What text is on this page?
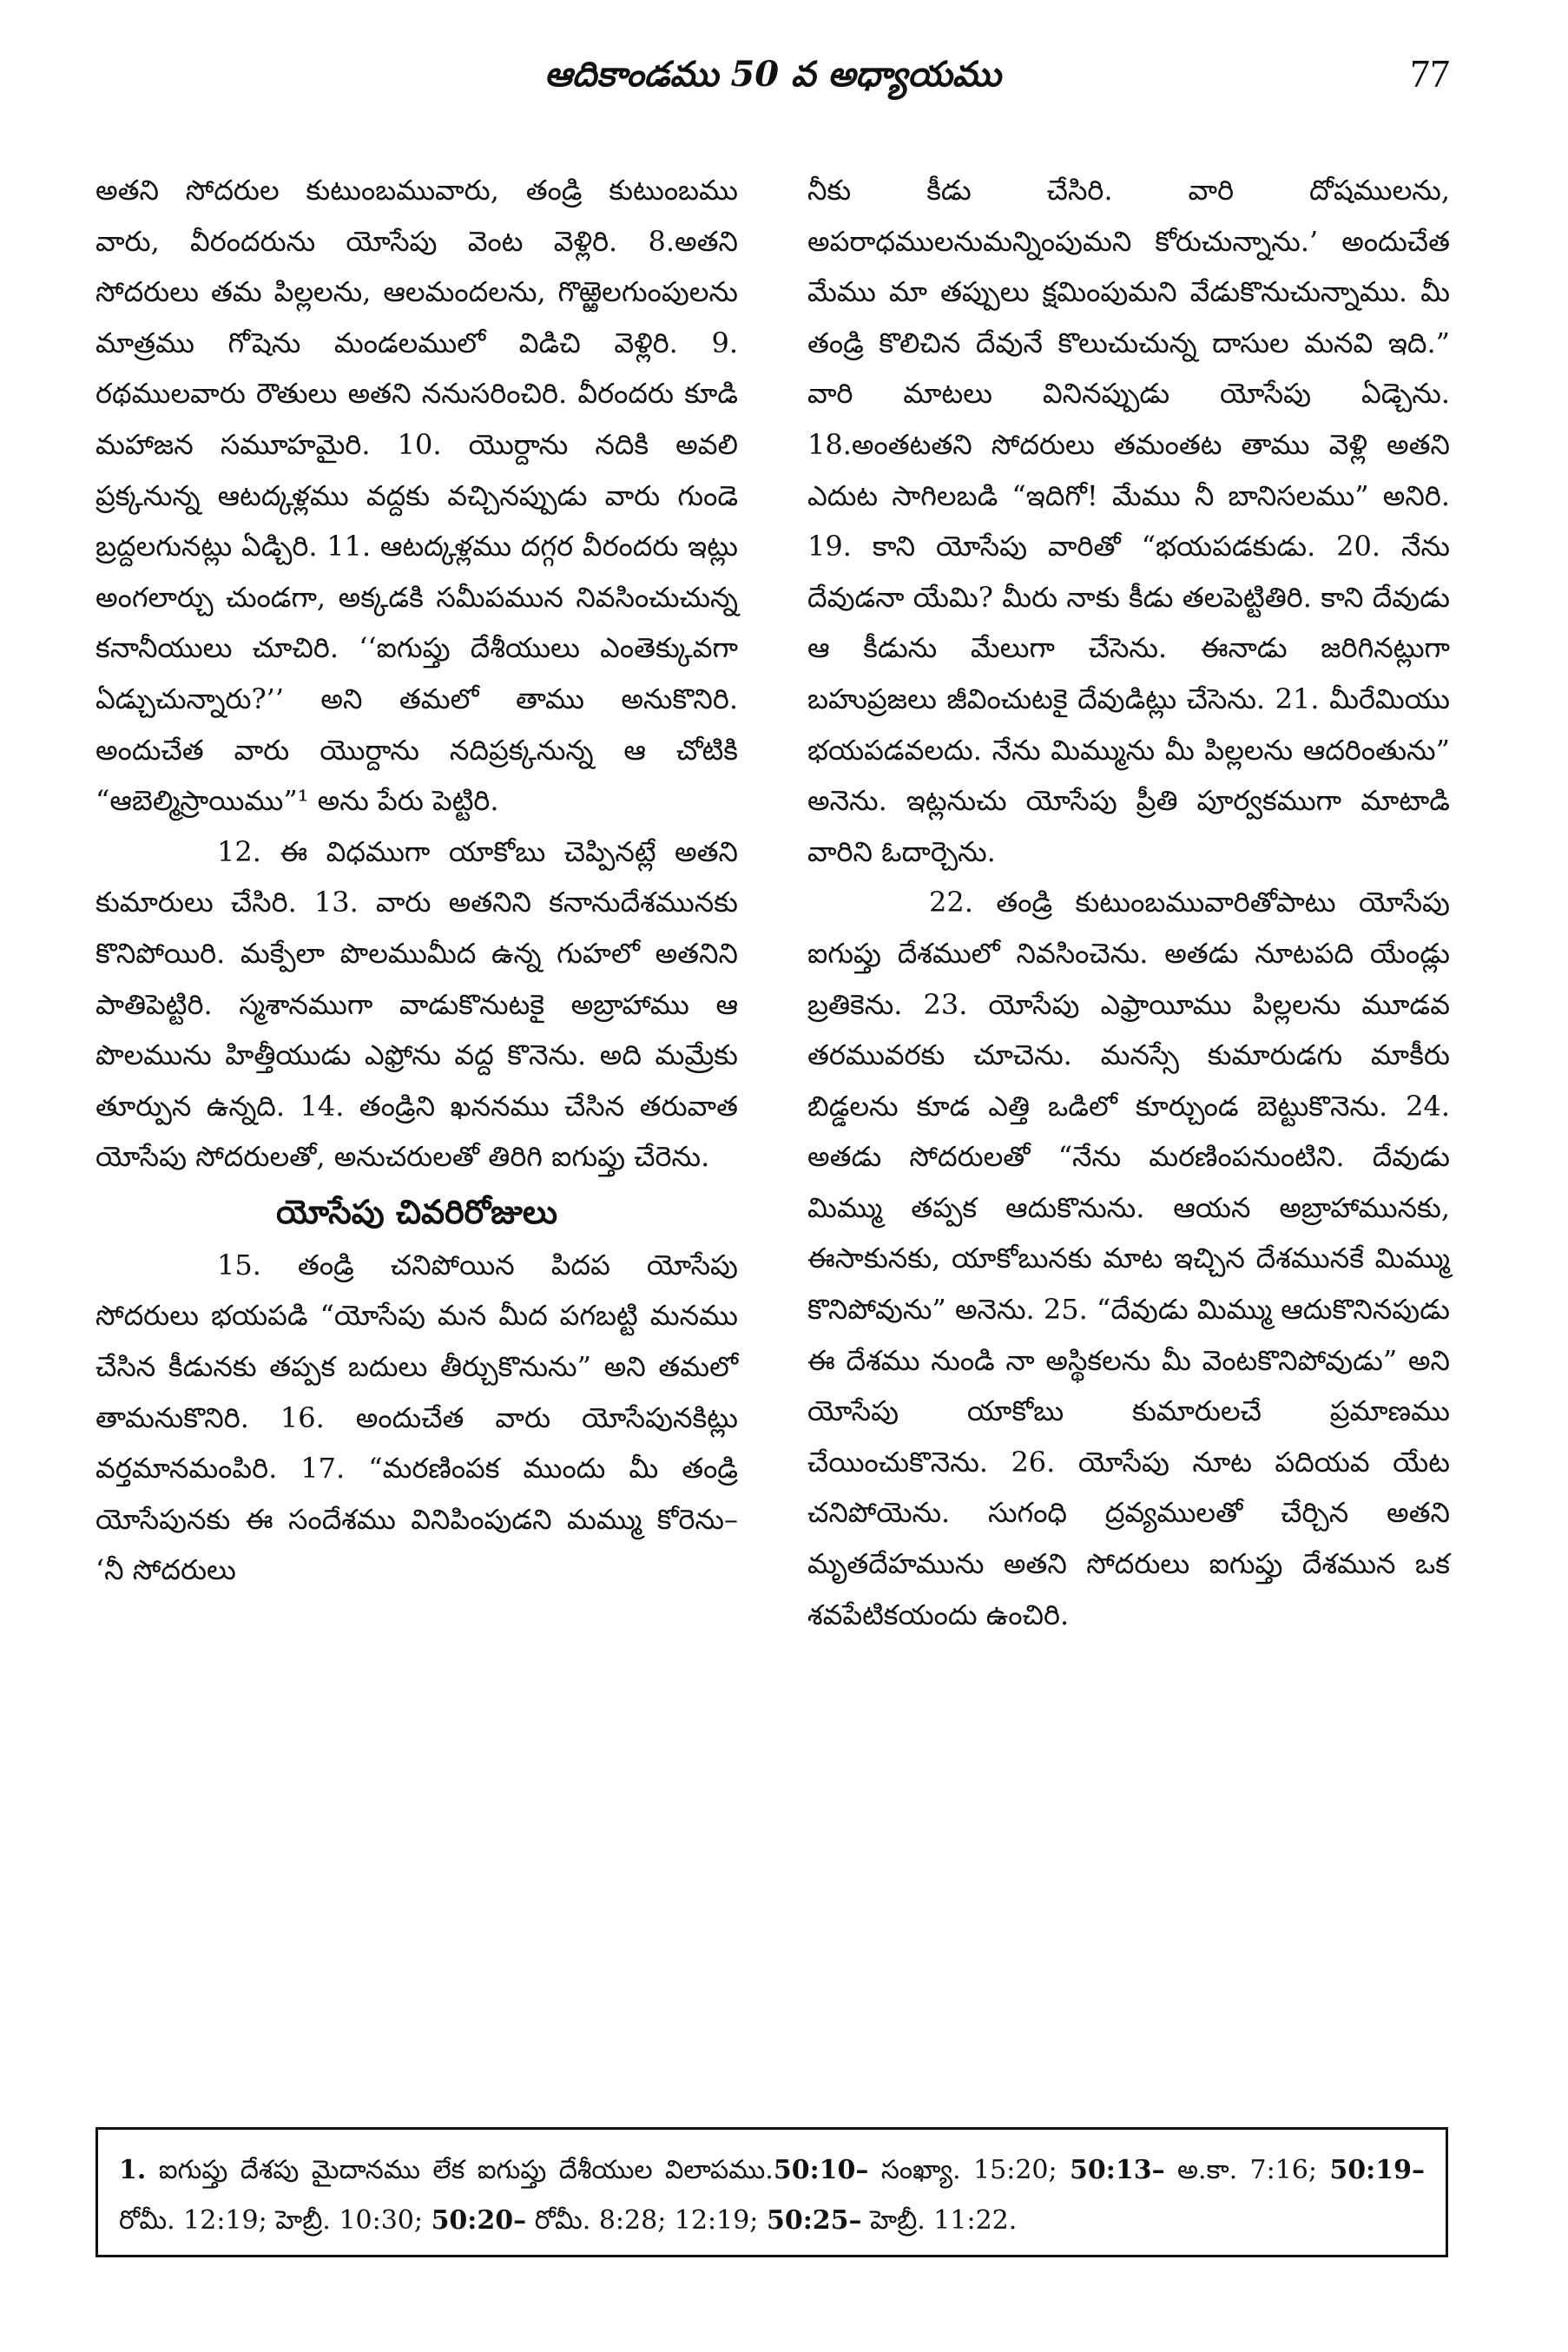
ఆదికాండము 50 వ అధ్యాయము	77

అతని సోదరుల కుటుంబమువారు, తండ్రి కుటుంబము వారు, వీరందరును యోసేపు వెంట వెళ్లిరి. 8.అతని సోదరులు తమ పిల్లలను, ఆలమందలను, గొఱ్ఱెలగుంపులను మాత్రము గోషెను మండలములో విడిచి వెళ్లిరి. 9. రథములవారు రౌతులు అతని ననుసరించిరి. వీరందరు కూడి మహాజన సమూహమైరి. 10. యొర్దాను నదికి అవలి ప్రక్కనున్న ఆటద్కళ్లము వద్దకు వచ్చినప్పుడు వారు గుండె బ్రద్దలగునట్లు ఏడ్చిరి. 11. ఆటద్కళ్లము దగ్గర వీరందరు ఇట్లు అంగలార్చు చుండగా, అక్కడకి సమీపమున నివసించుచున్న కనానీయులు చూచిరి. ‘‘ఐగుప్తు దేశీయులు ఎంతెక్కువగా ఏడ్చుచున్నారు?’’ అని తమలో తాము అనుకొనిరి. అందుచేత వారు యొర్దాను నదిప్రక్కనున్న ఆ చోటికి “ఆబెల్మిస్రాయిము”¹ అను పేరు పెట్టిరి.

12. ఈ విధముగా యాకోబు చెప్పినట్లే అతని కుమారులు చేసిరి. 13. వారు అతనిని కనానుదేశమునకు కొనిపోయిరి. మక్పేలా పొలముమీద ఉన్న గుహలో అతనిని పాతిపెట్టిరి. స్మశానముగా వాడుకొనుటకై అబ్రాహాము ఆ పొలమును హిత్తీయుడు ఎఫ్రోను వద్ద కొనెను. అది మమ్రేకు తూర్పున ఉన్నది. 14. తండ్రిని ఖననము చేసిన తరువాత యోసేపు సోదరులతో, అనుచరులతో తిరిగి ఐగుప్తు చేరెను.

యోసేపు చివరిరోజులు

15. తండ్రి చనిపోయిన పిదప యోసేపు సోదరులు భయపడి “యోసేపు మన మీద పగబట్టి మనము చేసిన కీడునకు తప్పక బదులు తీర్చుకొనును” అని తమలో తామనుకొనిరి. 16. అందుచేత వారు యోసేపునకిట్లు వర్తమానమంపిరి. 17. “మరణింపక ముందు మీ తండ్రి యోసేపునకు ఈ సందేశము వినిపింపుడని మమ్ము కోరెను– ‘నీ సోదరులు

నీకు కీడు చేసిరి. వారి దోషములను, అపరాధములనుమన్నింపుమని కోరుచున్నాను.’ అందుచేత మేము మా తప్పులు క్షమింపుమని వేడుకొనుచున్నాము. మీ తండ్రి కొలిచిన దేవునే కొలుచుచున్న దాసుల మనవి ఇది.” వారి మాటలు వినినప్పుడు యోసేపు ఏడ్చెను. 18.అంతటతని సోదరులు తమంతట తాము వెళ్లి అతని ఎదుట సాగిలబడి “ఇదిగో! మేము నీ బానిసలము” అనిరి. 19. కాని యోసేపు వారితో “భయపడకుడు. 20. నేను దేవుడనా యేమి? మీరు నాకు కీడు తలపెట్టితిరి. కాని దేవుడు ఆ కీడును మేలుగా చేసెను. ఈనాడు జరిగినట్లుగా బహుప్రజలు జీవించుటకై దేవుడిట్లు చేసెను. 21. మీరేమియు భయపడవలదు. నేను మిమ్మును మీ పిల్లలను ఆదరింతును” అనెను. ఇట్లనుచు యోసేపు ప్రీతి పూర్వకముగా మాటాడి వారిని ఓదార్చెను.

22. తండ్రి కుటుంబమువారితోపాటు యోసేపు ఐగుప్తు దేశములో నివసించెను. అతడు నూటపది యేండ్లు బ్రతికెను. 23. యోసేపు ఎఫ్రాయీము పిల్లలను మూడవ తరమువరకు చూచెను. మనస్సే కుమారుడగు మాకీరు బిడ్డలను కూడ ఎత్తి ఒడిలో కూర్చుండ బెట్టుకొనెను. 24. అతడు సోదరులతో “నేను మరణింపనుంటిని. దేవుడు మిమ్ము తప్పక ఆదుకొనును. ఆయన అబ్రాహామునకు, ఈసాకునకు, యాకోబునకు మాట ఇచ్చిన దేశమునకే మిమ్ము కొనిపోవును” అనెను. 25. “దేవుడు మిమ్ము ఆదుకొనినపుడు ఈ దేశము నుండి నా అస్థికలను మీ వెంటకొనిపోవుడు” అని యోసేపు యాకోబు కుమారులచే ప్రమాణము చేయించుకొనెను. 26. యోసేపు నూట పదియవ యేట చనిపోయెను. సుగంధి ద్రవ్యములతో చేర్చిన అతని మృతదేహమును అతని సోదరులు ఐగుప్తు దేశమున ఒక శవపేటికయందు ఉంచిరి.

1. ఐగుప్తు దేశపు మైదానము లేక ఐగుప్తు దేశీయుల విలాపము.50:10– సంఖ్యా. 15:20; 50:13– అ.కా. 7:16; 50:19– రోమీ. 12:19; హెబ్రీ. 10:30; 50:20– రోమీ. 8:28; 12:19; 50:25– హెబ్రీ. 11:22.
